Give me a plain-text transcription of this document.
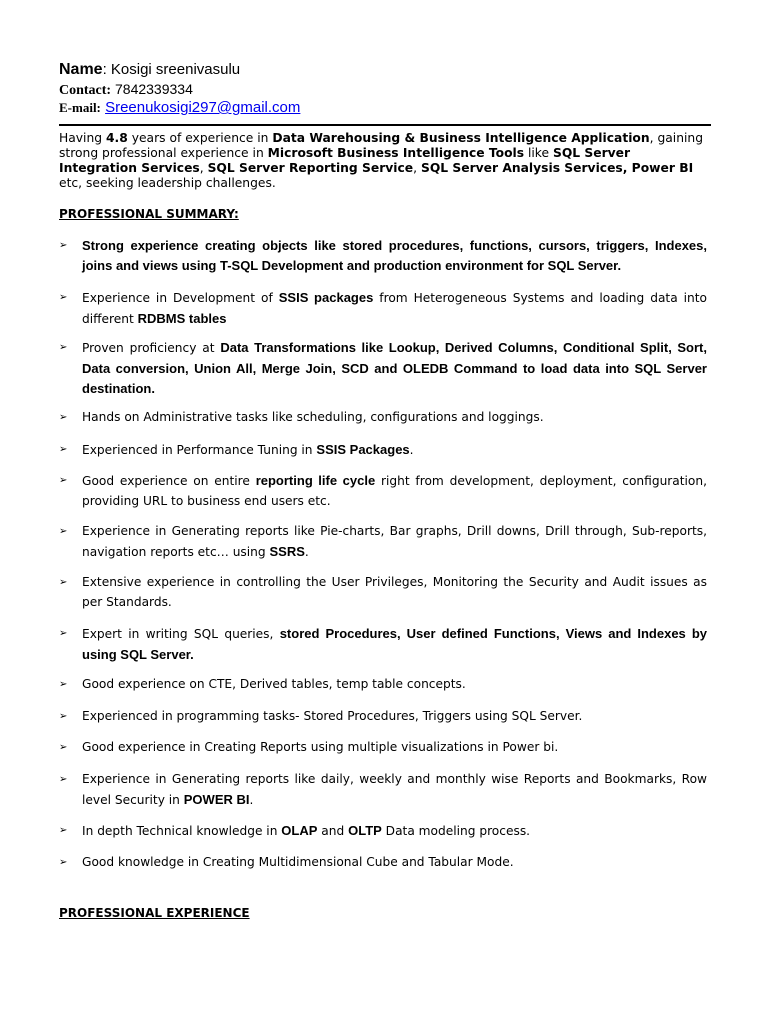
Name: Kosigi sreenivasulu
Contact: 7842339334
E-mail: Sreenukosigi297@gmail.com
Having 4.8 years of experience in Data Warehousing & Business Intelligence Application, gaining strong professional experience in Microsoft Business Intelligence Tools like SQL Server Integration Services, SQL Server Reporting Service, SQL Server Analysis Services, Power BI etc, seeking leadership challenges.
PROFESSIONAL SUMMARY:
➢ Strong experience creating objects like stored procedures, functions, cursors, triggers, Indexes, joins and views using T-SQL Development and production environment for SQL Server.
➢ Experience in Development of SSIS packages from Heterogeneous Systems and loading data into different RDBMS tables
➢ Proven proficiency at Data Transformations like Lookup, Derived Columns, Conditional Split, Sort, Data conversion, Union All, Merge Join, SCD and OLEDB Command to load data into SQL Server destination.
➢ Hands on Administrative tasks like scheduling, configurations and loggings.
➢ Experienced in Performance Tuning in SSIS Packages.
➢ Good experience on entire reporting life cycle right from development, deployment, configuration, providing URL to business end users etc.
➢ Experience in Generating reports like Pie-charts, Bar graphs, Drill downs, Drill through, Sub-reports, navigation reports etc… using SSRS.
➢ Extensive experience in controlling the User Privileges, Monitoring the Security and Audit issues as per Standards.
➢ Expert in writing SQL queries, stored Procedures, User defined Functions, Views and Indexes by using SQL Server.
➢ Good experience on CTE, Derived tables, temp table concepts.
➢ Experienced in programming tasks- Stored Procedures, Triggers using SQL Server.
➢ Good experience in Creating Reports using multiple visualizations in Power bi.
➢ Experience in Generating reports like daily, weekly and monthly wise Reports and Bookmarks, Row level Security in POWER BI.
➢ In depth Technical knowledge in OLAP and OLTP Data modeling process.
➢ Good knowledge in Creating Multidimensional Cube and Tabular Mode.
PROFESSIONAL EXPERIENCE
